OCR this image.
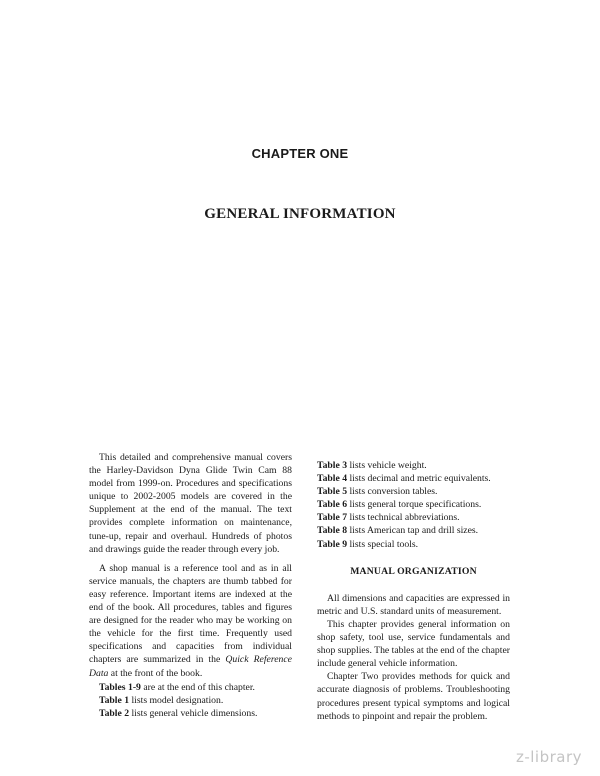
CHAPTER ONE
GENERAL INFORMATION

This detailed and comprehensive manual covers the Harley-Davidson Dyna Glide Twin Cam 88 model from 1999-on. Procedures and specifications unique to 2002-2005 models are covered in the Supplement at the end of the manual. The text provides complete information on maintenance, tune-up, repair and overhaul. Hundreds of photos and drawings guide the reader through every job.

A shop manual is a reference tool and as in all service manuals, the chapters are thumb tabbed for easy reference. Important items are indexed at the end of the book. All procedures, tables and figures are designed for the reader who may be working on the vehicle for the first time. Frequently used specifications and capacities from individual chapters are summarized in the Quick Reference Data at the front of the book.

Tables 1-9 are at the end of this chapter.

Table 1 lists model designation.

Table 2 lists general vehicle dimensions.

Table 3 lists vehicle weight.

Table 4 lists decimal and metric equivalents.

Table 5 lists conversion tables.

Table 6 lists general torque specifications.

Table 7 lists technical abbreviations.

Table 8 lists American tap and drill sizes.

Table 9 lists special tools.

MANUAL ORGANIZATION

All dimensions and capacities are expressed in metric and U.S. standard units of measurement.

This chapter provides general information on shop safety, tool use, service fundamentals and shop supplies. The tables at the end of the chapter include general vehicle information.

Chapter Two provides methods for quick and accurate diagnosis of problems. Troubleshooting procedures present typical symptoms and logical methods to pinpoint and repair the problem.

z-library
